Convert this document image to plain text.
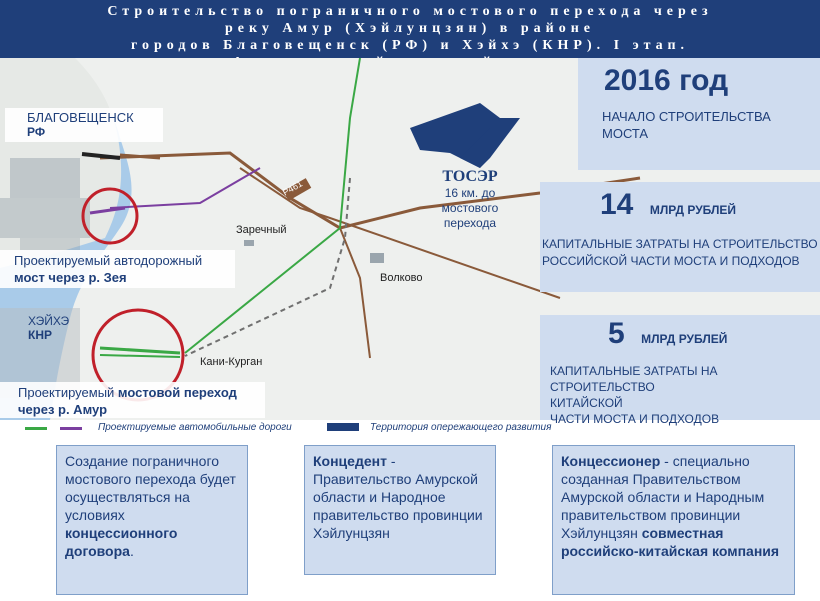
Строительство пограничного мостового перехода через
реку Амур (Хэйлунцзян) в районе
городов Благовещенск (РФ) и Хэйхэ (КНР). I этап.

БЛАГОВЕЩЕНСК
РФ
ХЭЙХЭ
КНР
Заречный
Волково
Кани-Курган
Р461
ТОСЭР
16 км. до
мостового
перехода
Проектируемый автодорожный
мост через р. Зея
Проектируемый мостовой переход
через р. Амур
2016 год
НАЧАЛО СТРОИТЕЛЬСТВА
МОСТА
14 МЛРД РУБЛЕЙ
КАПИТАЛЬНЫЕ ЗАТРАТЫ НА СТРОИТЕЛЬСТВО
РОССИЙСКОЙ ЧАСТИ МОСТА И ПОДХОДОВ
5 МЛРД РУБЛЕЙ
КАПИТАЛЬНЫЕ ЗАТРАТЫ НА СТРОИТЕЛЬСТВО
КИТАЙСКОЙ
ЧАСТИ МОСТА И ПОДХОДОВ
Проектируемые автомобильные дороги	Территория опережающего развития
Создание пограничного мостового перехода будет осуществляться на условиях концессионного договора.
Концедент - Правительство Амурской области и Народное правительство провинции Хэйлунцзян
Концессионер - специально созданная Правительством Амурской области и Народным правительством провинции Хэйлунцзян совместная российско-китайская компания
